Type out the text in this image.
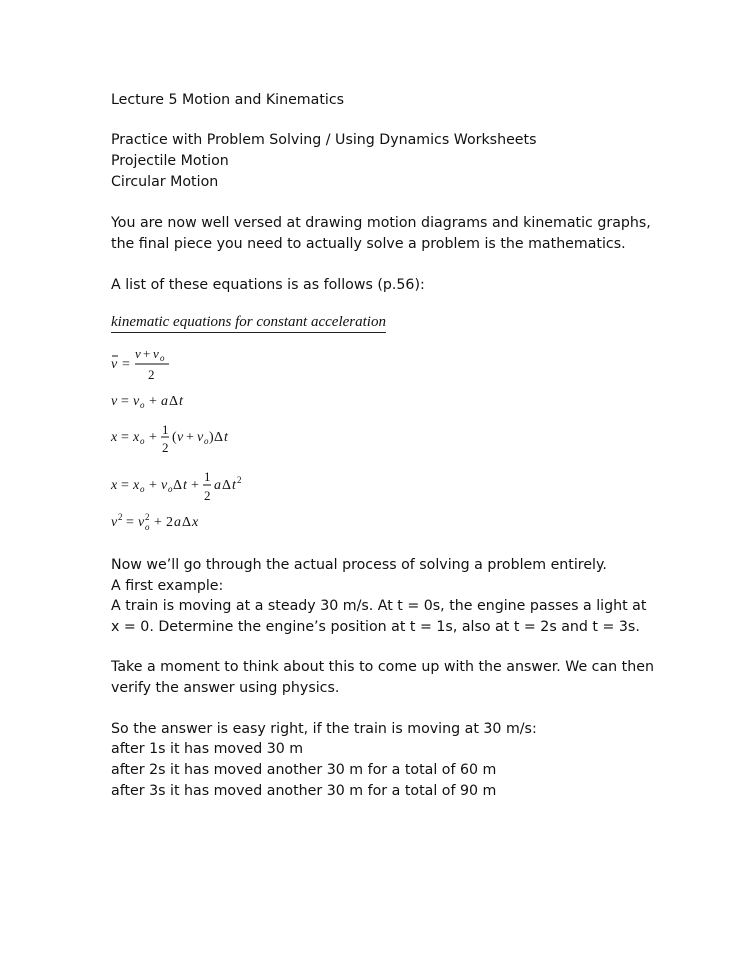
Lecture 5 Motion and Kinematics
Practice with Problem Solving / Using Dynamics Worksheets
Projectile Motion
Circular Motion
You are now well versed at drawing motion diagrams and kinematic graphs,
the final piece you need to actually solve a problem is the mathematics.
A list of these equations is as follows (p.56):
kinematic equations for constant acceleration
v =
v + v o
2
v = v o + a Δ t
x = x o +
1
2
( v + v o ) Δ t
x = x o + v o Δ t +
1
2
a Δ t 2
v 2 = v 2
o + 2 a Δ x
Now we’ll go through the actual process of solving a problem entirely.
A first example:
A train is moving at a steady 30 m/s. At t = 0s, the engine passes a light at
x = 0. Determine the engine’s position at t = 1s, also at t = 2s and t = 3s.
Take a moment to think about this to come up with the answer. We can then
verify the answer using physics.
So the answer is easy right, if the train is moving at 30 m/s:
after 1s it has moved 30 m
after 2s it has moved another 30 m for a total of 60 m
after 3s it has moved another 30 m for a total of 90 m
